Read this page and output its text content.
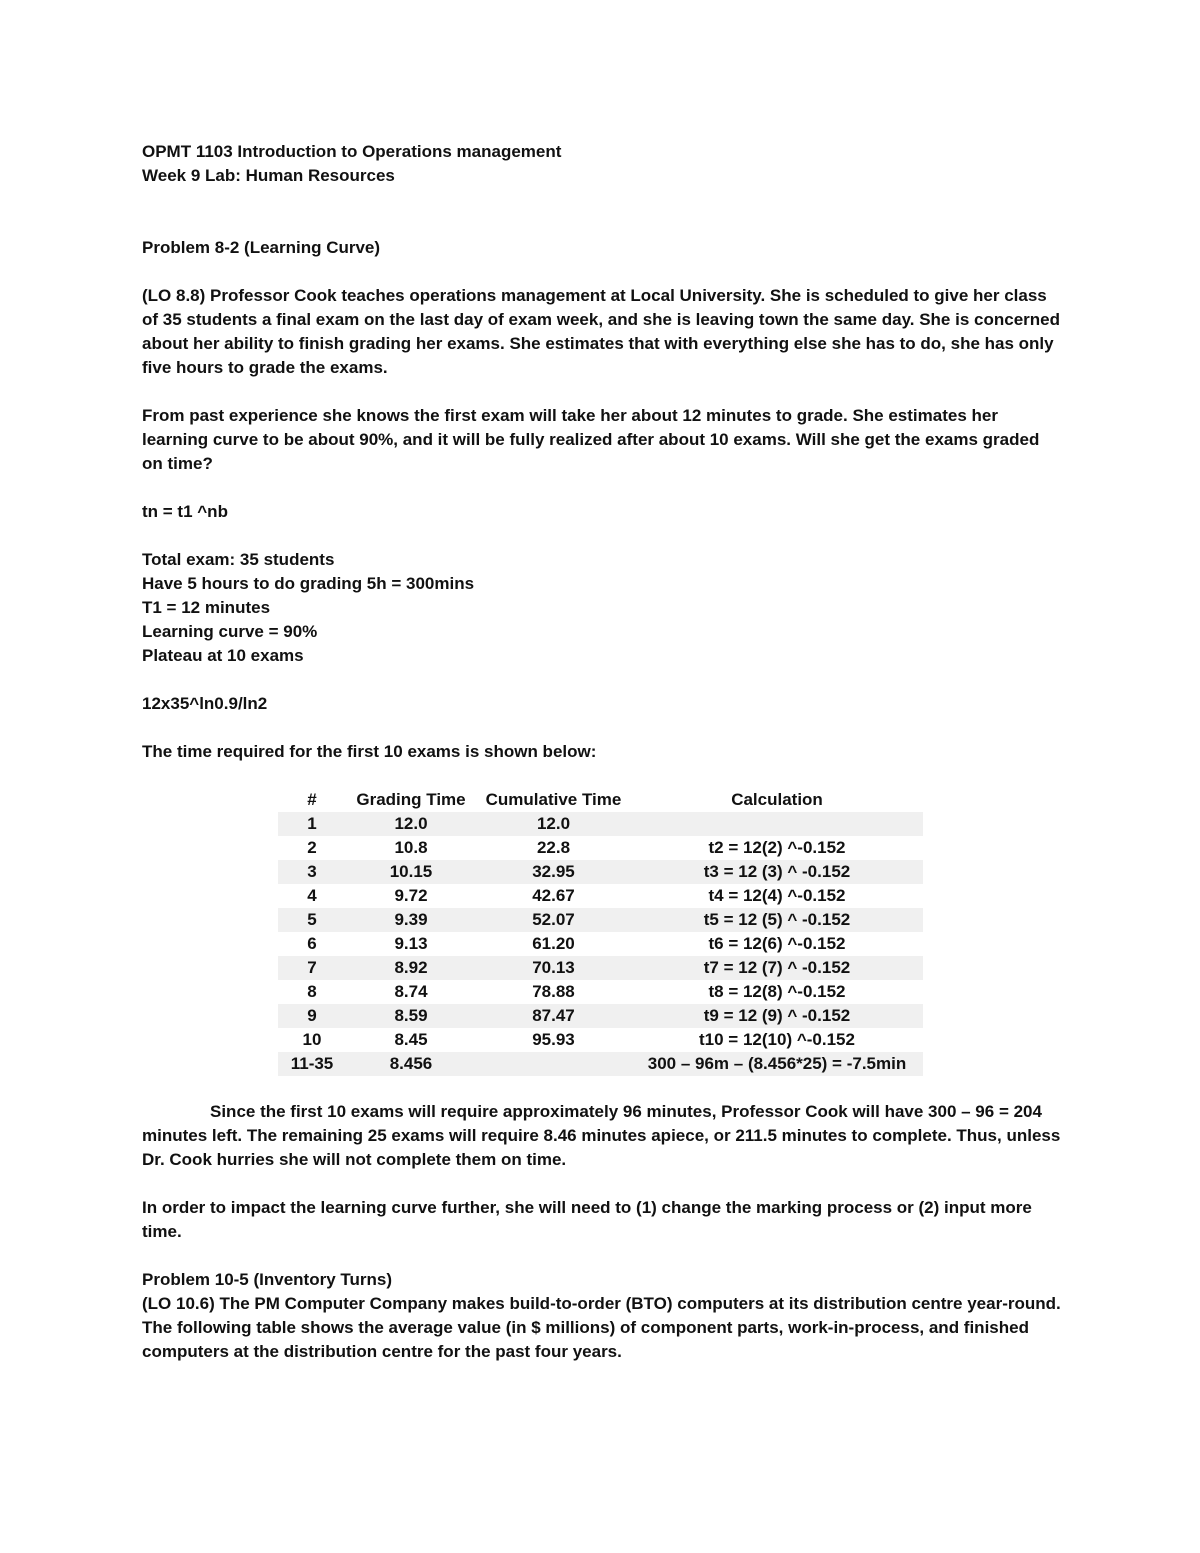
OPMT 1103 Introduction to Operations management

Week 9 Lab: Human Resources

Problem 8-2 (Learning Curve)

(LO 8.8) Professor Cook teaches operations management at Local University. She is scheduled to give her class of 35 students a final exam on the last day of exam week, and she is leaving town the same day. She is concerned about her ability to finish grading her exams. She estimates that with everything else she has to do, she has only five hours to grade the exams.

From past experience she knows the first exam will take her about 12 minutes to grade. She estimates her learning curve to be about 90%, and it will be fully realized after about 10 exams. Will she get the exams graded on time?

tn = t1 ^nb

Total exam: 35 students

Have 5 hours to do grading 5h = 300mins

T1 = 12 minutes

Learning curve = 90%

Plateau at 10 exams

12x35^ln0.9/ln2

The time required for the first 10 exams is shown below:

#	Grading Time	Cumulative Time	Calculation
1	12.0	12.0	
2	10.8	22.8	t2 = 12(2) ^-0.152
3	10.15	32.95	t3 = 12 (3) ^ -0.152
4	9.72	42.67	t4 = 12(4) ^-0.152
5	9.39	52.07	t5 = 12 (5) ^ -0.152
6	9.13	61.20	t6 = 12(6) ^-0.152
7	8.92	70.13	t7 = 12 (7) ^ -0.152
8	8.74	78.88	t8 = 12(8) ^-0.152
9	8.59	87.47	t9 = 12 (9) ^ -0.152
10	8.45	95.93	t10 = 12(10) ^-0.152
11-35	8.456		300 – 96m – (8.456*25) = -7.5min

Since the first 10 exams will require approximately 96 minutes, Professor Cook will have 300 – 96 = 204 minutes left. The remaining 25 exams will require 8.46 minutes apiece, or 211.5 minutes to complete. Thus, unless Dr. Cook hurries she will not complete them on time.

In order to impact the learning curve further, she will need to (1) change the marking process or (2) input more time.

Problem 10-5 (Inventory Turns)

(LO 10.6) The PM Computer Company makes build-to-order (BTO) computers at its distribution centre year-round. The following table shows the average value (in $ millions) of component parts, work-in-process, and finished computers at the distribution centre for the past four years.
